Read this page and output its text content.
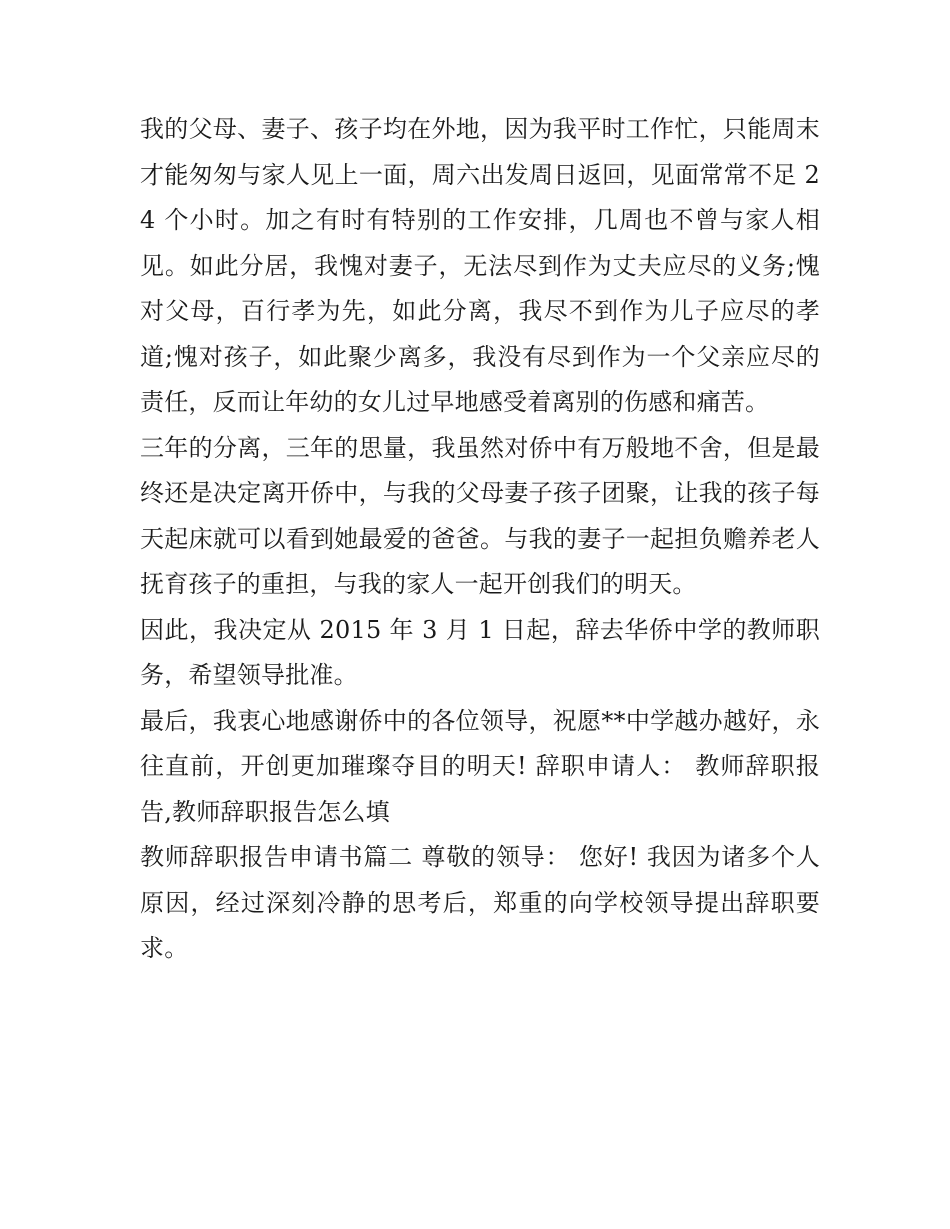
我的父母、妻子、孩子均在外地，因为我平时工作忙，只能周末才能匆匆与家人见上一面，周六出发周日返回，见面常常不足 24 个小时。加之有时有特别的工作安排，几周也不曾与家人相见。如此分居，我愧对妻子，无法尽到作为丈夫应尽的义务;愧对父母，百行孝为先，如此分离，我尽不到作为儿子应尽的孝道;愧对孩子，如此聚少离多，我没有尽到作为一个父亲应尽的责任，反而让年幼的女儿过早地感受着离别的伤感和痛苦。

三年的分离，三年的思量，我虽然对侨中有万般地不舍，但是最终还是决定离开侨中，与我的父母妻子孩子团聚，让我的孩子每天起床就可以看到她最爱的爸爸。与我的妻子一起担负赡养老人抚育孩子的重担，与我的家人一起开创我们的明天。

因此，我决定从 2015 年 3 月 1 日起，辞去华侨中学的教师职务，希望领导批准。

最后，我衷心地感谢侨中的各位领导，祝愿**中学越办越好，永往直前，开创更加璀璨夺目的明天! 辞职申请人： 教师辞职报告,教师辞职报告怎么填

教师辞职报告申请书篇二 尊敬的领导： 您好! 我因为诸多个人原因，经过深刻冷静的思考后，郑重的向学校领导提出辞职要求。
